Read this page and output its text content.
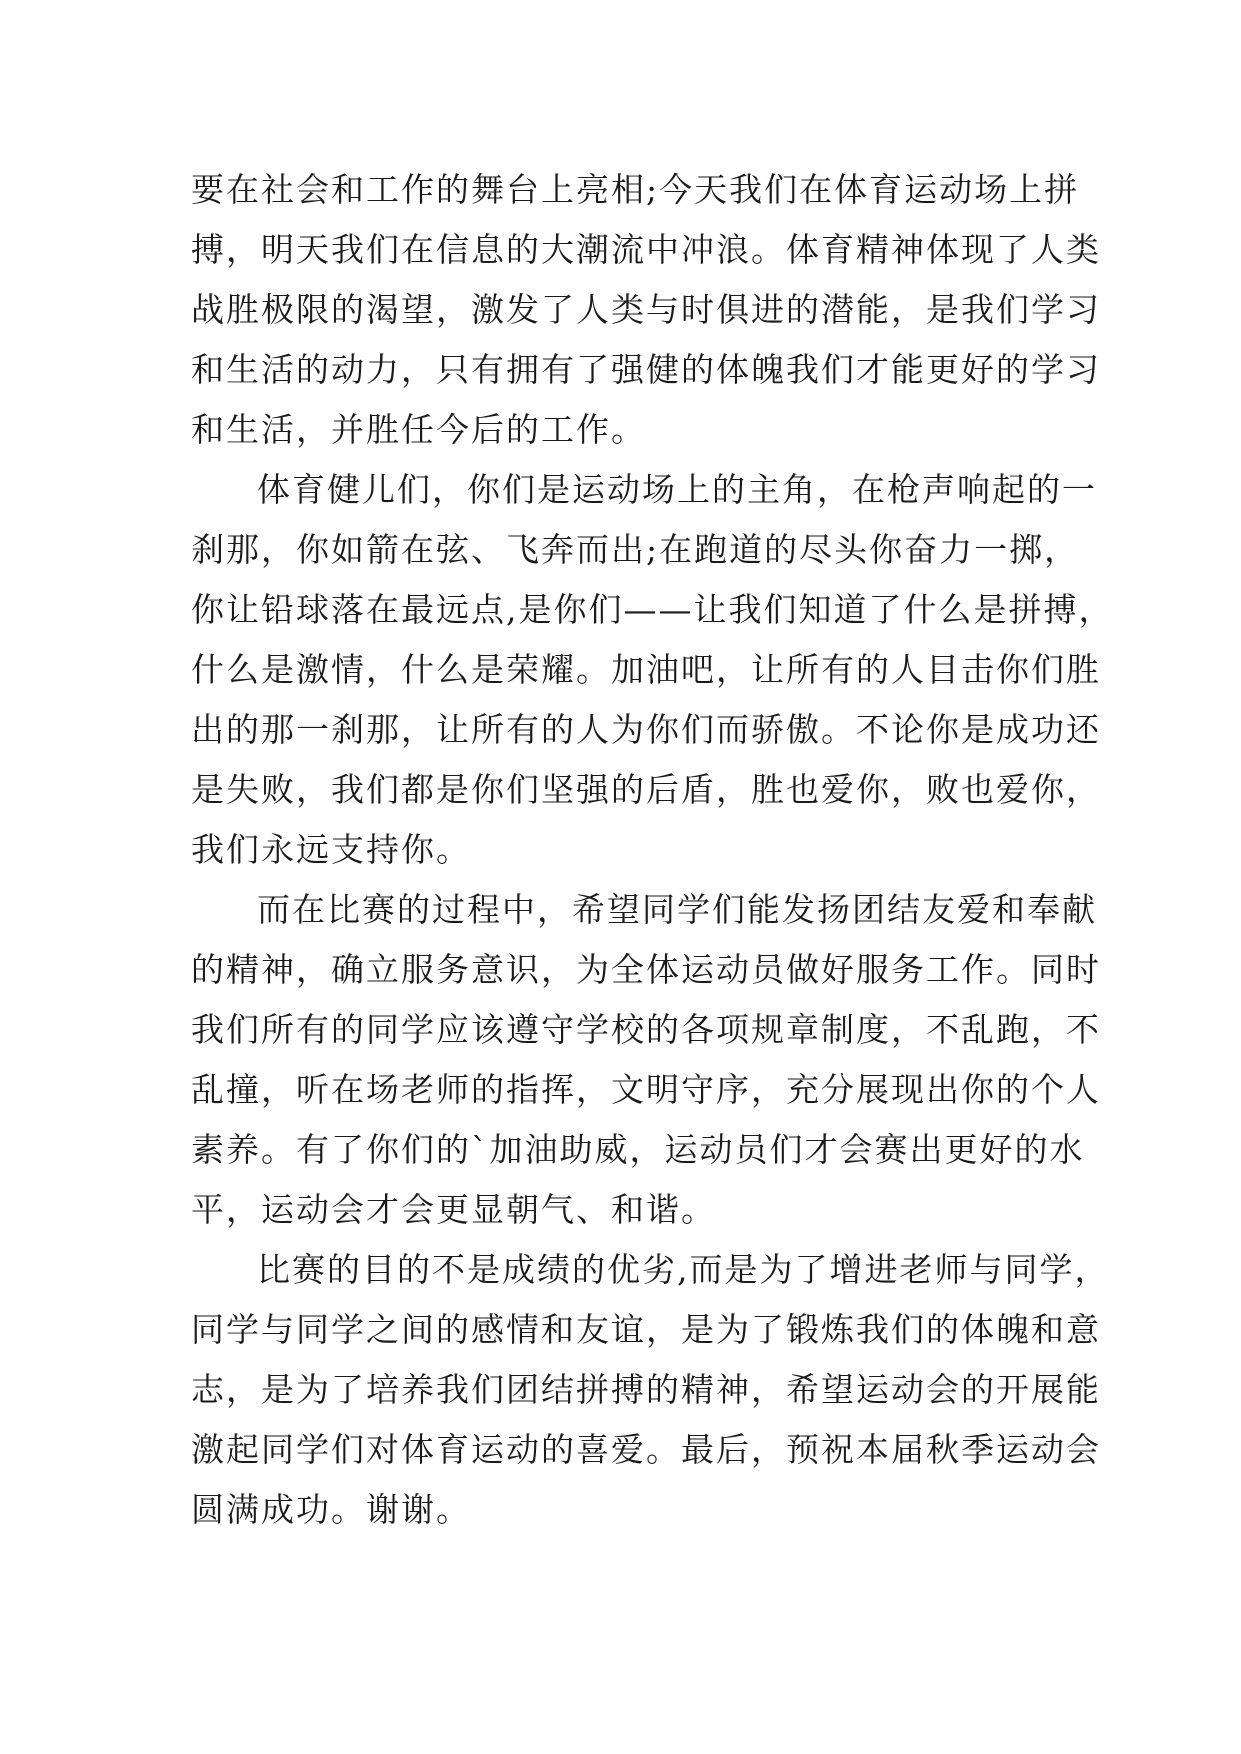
要在社会和工作的舞台上亮相;今天我们在体育运动场上拼
搏，明天我们在信息的大潮流中冲浪。体育精神体现了人类
战胜极限的渴望，激发了人类与时俱进的潜能，是我们学习
和生活的动力，只有拥有了强健的体魄我们才能更好的学习
和生活，并胜任今后的工作。
体育健儿们，你们是运动场上的主角，在枪声响起的一
刹那，你如箭在弦、飞奔而出;在跑道的尽头你奋力一掷，
你让铅球落在最远点,是你们——让我们知道了什么是拼搏，
什么是激情，什么是荣耀。加油吧，让所有的人目击你们胜
出的那一刹那，让所有的人为你们而骄傲。不论你是成功还
是失败，我们都是你们坚强的后盾，胜也爱你，败也爱你，
我们永远支持你。
而在比赛的过程中，希望同学们能发扬团结友爱和奉献
的精神，确立服务意识，为全体运动员做好服务工作。同时
我们所有的同学应该遵守学校的各项规章制度，不乱跑，不
乱撞，听在场老师的指挥，文明守序，充分展现出你的个人
素养。有了你们的`加油助威，运动员们才会赛出更好的水
平，运动会才会更显朝气、和谐。
比赛的目的不是成绩的优劣,而是为了增进老师与同学，
同学与同学之间的感情和友谊，是为了锻炼我们的体魄和意
志，是为了培养我们团结拼搏的精神，希望运动会的开展能
激起同学们对体育运动的喜爱。最后，预祝本届秋季运动会
圆满成功。谢谢。
